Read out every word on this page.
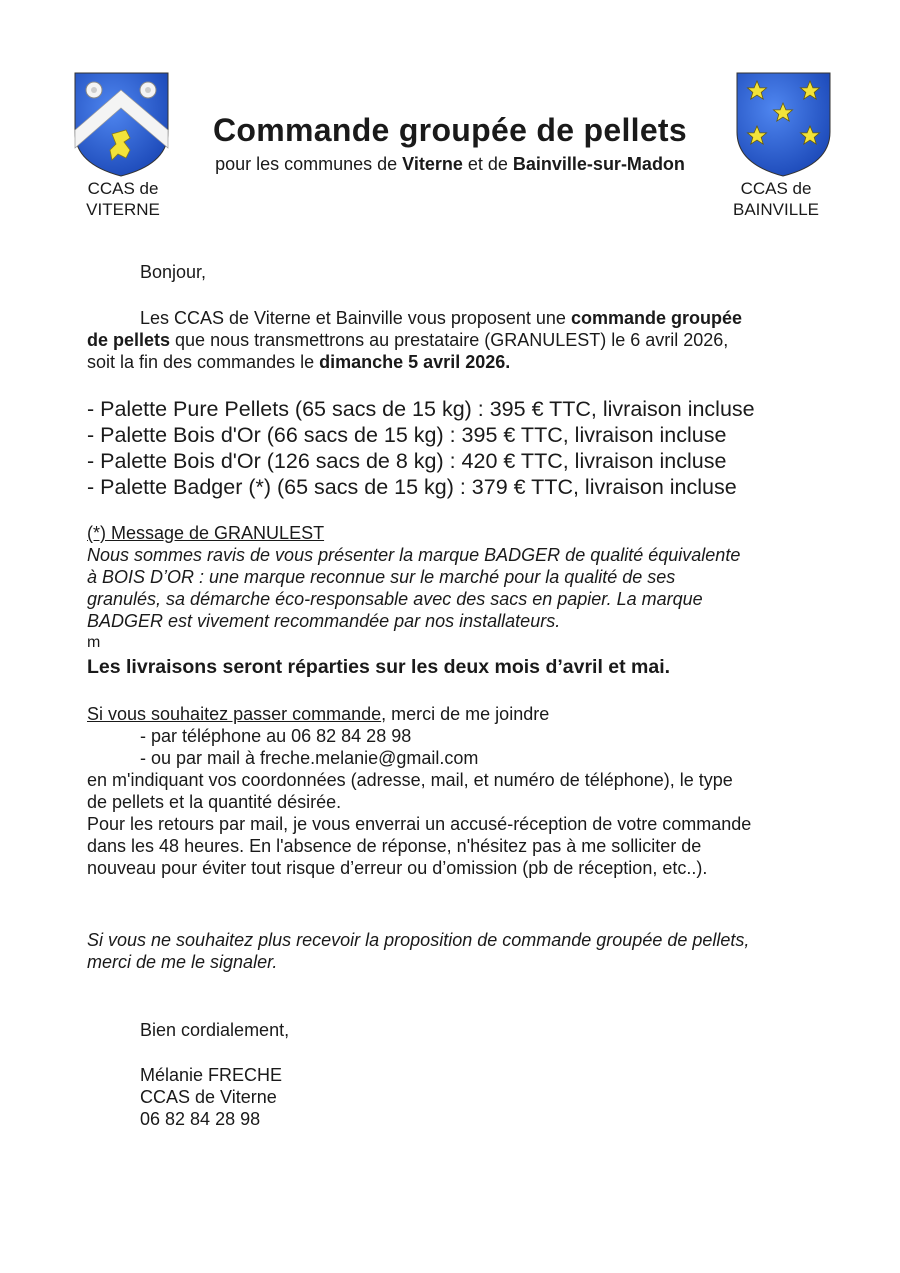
CCAS de
VITERNE
CCAS de
BAINVILLE
Commande groupée de pellets
pour les communes de Viterne et de Bainville-sur-Madon
Bonjour,
Les CCAS de Viterne et Bainville vous proposent une commande groupée
de pellets que nous transmettrons au prestataire (GRANULEST) le 6 avril 2026,
soit la fin des commandes le dimanche 5 avril 2026.
- Palette Pure Pellets (65 sacs de 15 kg) : 395 € TTC, livraison incluse
- Palette Bois d'Or (66 sacs de 15 kg) : 395 € TTC, livraison incluse
- Palette Bois d'Or (126 sacs de 8 kg) : 420 € TTC, livraison incluse
- Palette Badger (*) (65 sacs de 15 kg) : 379 € TTC, livraison incluse
(*) Message de GRANULEST
Nous sommes ravis de vous présenter la marque BADGER de qualité équivalente
à BOIS D’OR : une marque reconnue sur le marché pour la qualité de ses
granulés, sa démarche éco-responsable avec des sacs en papier. La marque
BADGER est vivement recommandée par nos installateurs.
m
Les livraisons seront réparties sur les deux mois d’avril et mai.
Si vous souhaitez passer commande, merci de me joindre
- par téléphone au 06 82 84 28 98
- ou par mail à freche.melanie@gmail.com
en m'indiquant vos coordonnées (adresse, mail, et numéro de téléphone), le type
de pellets et la quantité désirée.
Pour les retours par mail, je vous enverrai un accusé-réception de votre commande
dans les 48 heures. En l'absence de réponse, n'hésitez pas à me solliciter de
nouveau pour éviter tout risque d’erreur ou d’omission (pb de réception, etc..).
Si vous ne souhaitez plus recevoir la proposition de commande groupée de pellets,
merci de me le signaler.
Bien cordialement,
Mélanie FRECHE
CCAS de Viterne
06 82 84 28 98
